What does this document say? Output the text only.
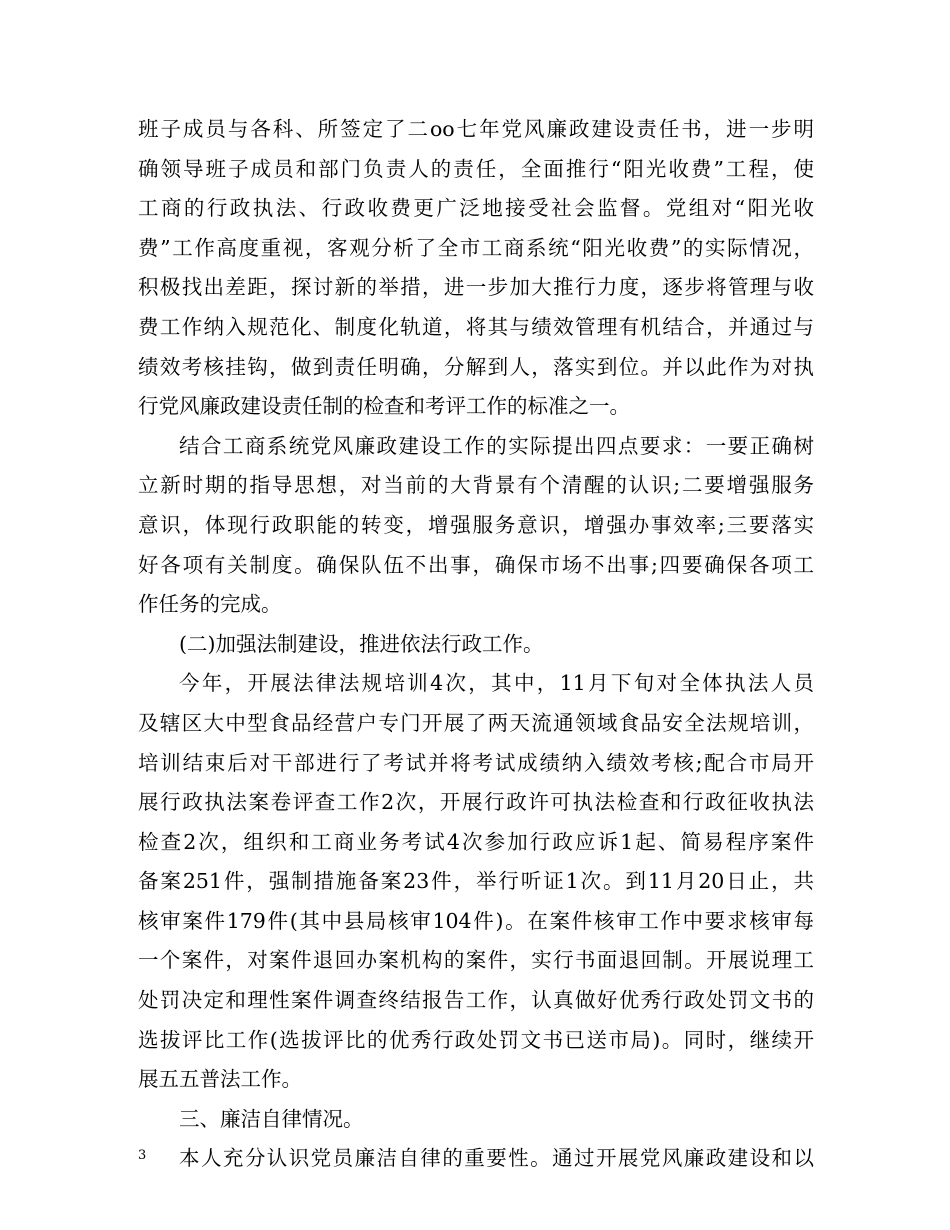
班子成员与各科、所签定了二oo七年党风廉政建设责任书，进一步明
确领导班子成员和部门负责人的责任，全面推行“阳光收费”工程，使
工商的行政执法、行政收费更广泛地接受社会监督。党组对“阳光收
费”工作高度重视，客观分析了全市工商系统“阳光收费”的实际情况，
积极找出差距，探讨新的举措，进一步加大推行力度，逐步将管理与收
费工作纳入规范化、制度化轨道，将其与绩效管理有机结合，并通过与
绩效考核挂钩，做到责任明确，分解到人，落实到位。并以此作为对执
行党风廉政建设责任制的检查和考评工作的标准之一。
结合工商系统党风廉政建设工作的实际提出四点要求：一要正确树
立新时期的指导思想，对当前的大背景有个清醒的认识;二要增强服务
意识，体现行政职能的转变，增强服务意识，增强办事效率;三要落实
好各项有关制度。确保队伍不出事，确保市场不出事;四要确保各项工
作任务的完成。
(二)加强法制建设，推进依法行政工作。
今年，开展法律法规培训4次，其中，11月下旬对全体执法人员
及辖区大中型食品经营户专门开展了两天流通领域食品安全法规培训，
培训结束后对干部进行了考试并将考试成绩纳入绩效考核;配合市局开
展行政执法案卷评查工作2次，开展行政许可执法检查和行政征收执法
检查2次，组织和工商业务考试4次参加行政应诉1起、简易程序案件
备案251件，强制措施备案23件，举行听证1次。到11月20日止，共
核审案件179件(其中县局核审104件)。在案件核审工作中要求核审每
一个案件，对案件退回办案机构的案件，实行书面退回制。开展说理工
处罚决定和理性案件调查终结报告工作，认真做好优秀行政处罚文书的
选拔评比工作(选拔评比的优秀行政处罚文书已送市局)。同时，继续开
展五五普法工作。
三、廉洁自律情况。
本人充分认识党员廉洁自律的重要性。通过开展党风廉政建设和以
3
